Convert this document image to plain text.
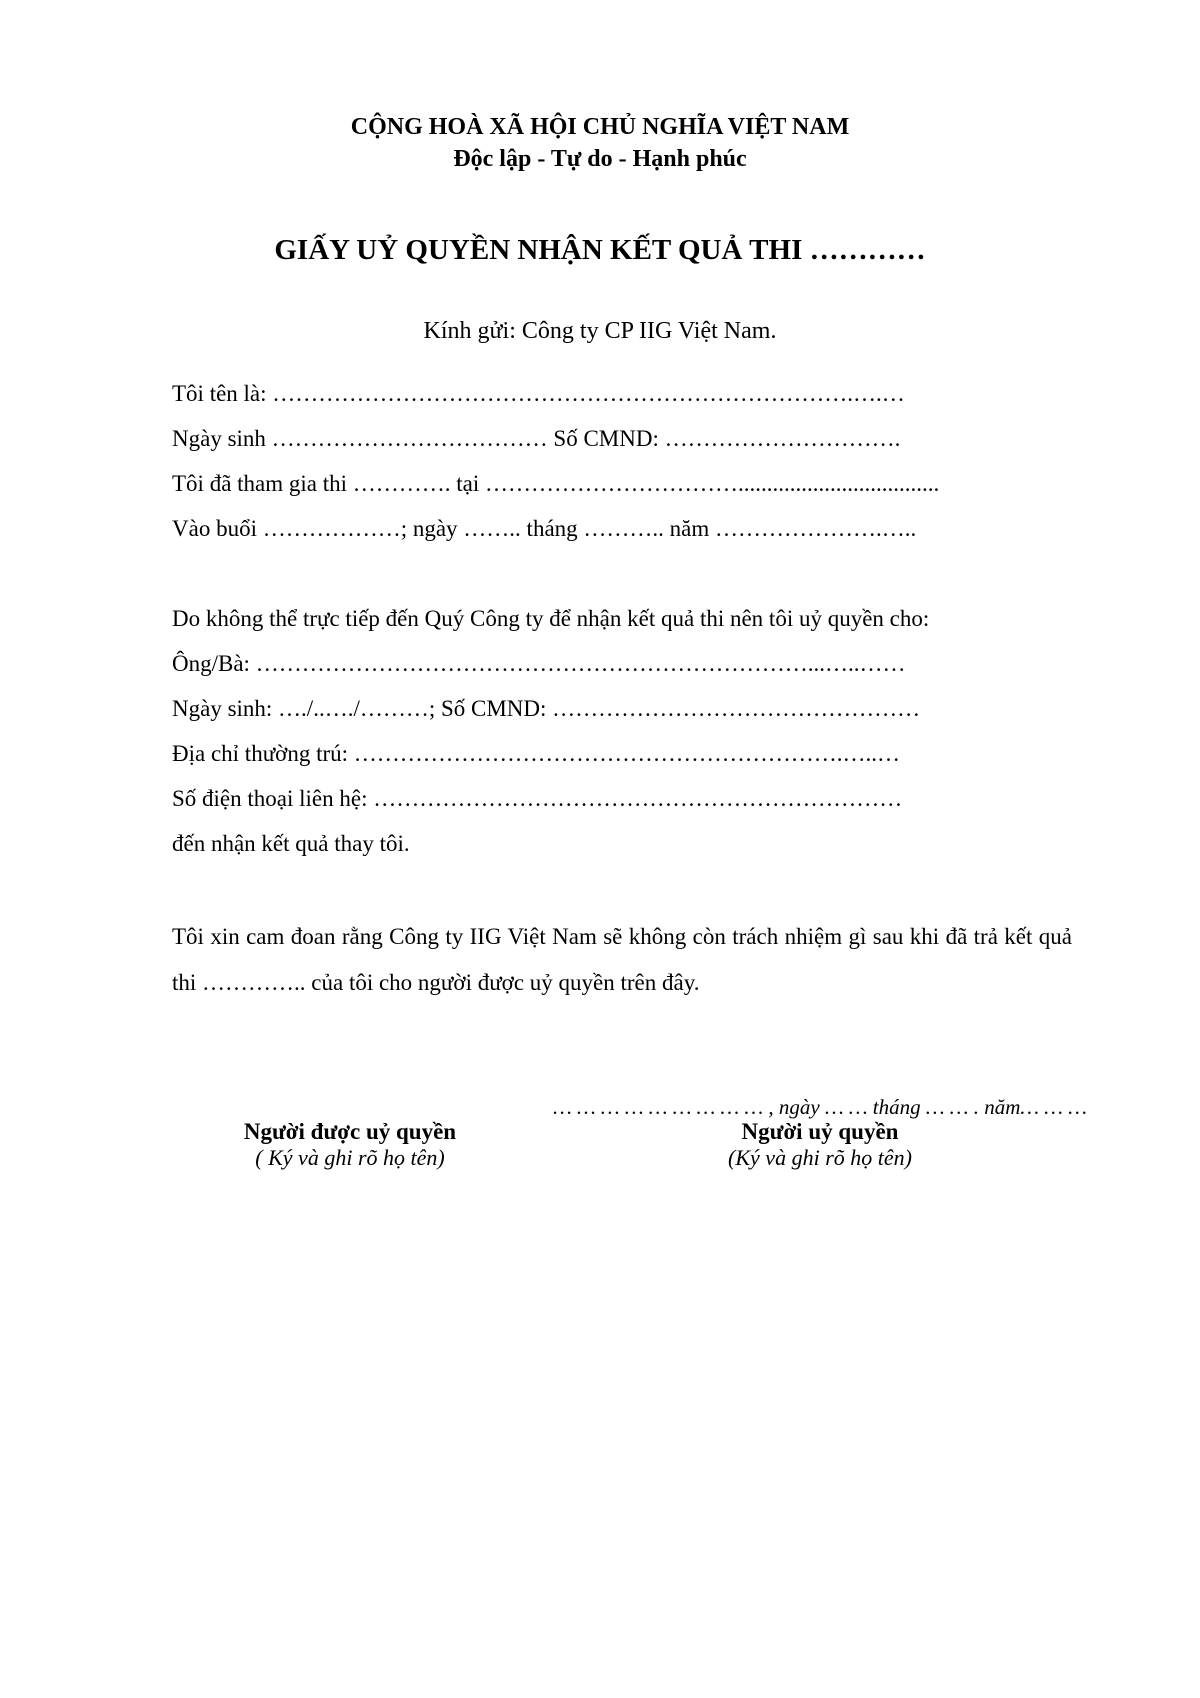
CỘNG HOÀ XÃ HỘI CHỦ NGHĨA VIỆT NAM
Độc lập - Tự do - Hạnh phúc
GIẤY UỶ QUYỀN NHẬN KẾT QUẢ THI …………
Kính gửi: Công ty CP IIG Việt Nam.
Tôi tên là: ………………………………………………………………….….…
Ngày sinh ……………………………… Số CMND: ………………………….
Tôi đã tham gia thi …………. tại ……………………………...................................
Vào buổi ………………; ngày …….. tháng ……….. năm ………………….…..
Do không thể trực tiếp đến Quý Công ty để nhận kết quả thi nên tôi uỷ quyền cho:
Ông/Bà: ………………………………………………………………...…..……
Ngày sinh: …./..…./………; Số CMND: …………………………………………
Địa chỉ thường trú: ……………………………………………………….…..…
Số điện thoại liên hệ: ……………………………………………………………
đến nhận kết quả thay tôi.
Tôi xin cam đoan rằng Công ty IIG Việt Nam sẽ không còn trách nhiệm gì sau khi đã trả kết quả thi ………….. của tôi cho người được uỷ quyền trên đây.
… … … … … … … … … , ngày … … tháng … … . năm… … …
Người được uỷ quyền
( Ký và ghi rõ họ tên)
Người uỷ quyền
(Ký và ghi rõ họ tên)
